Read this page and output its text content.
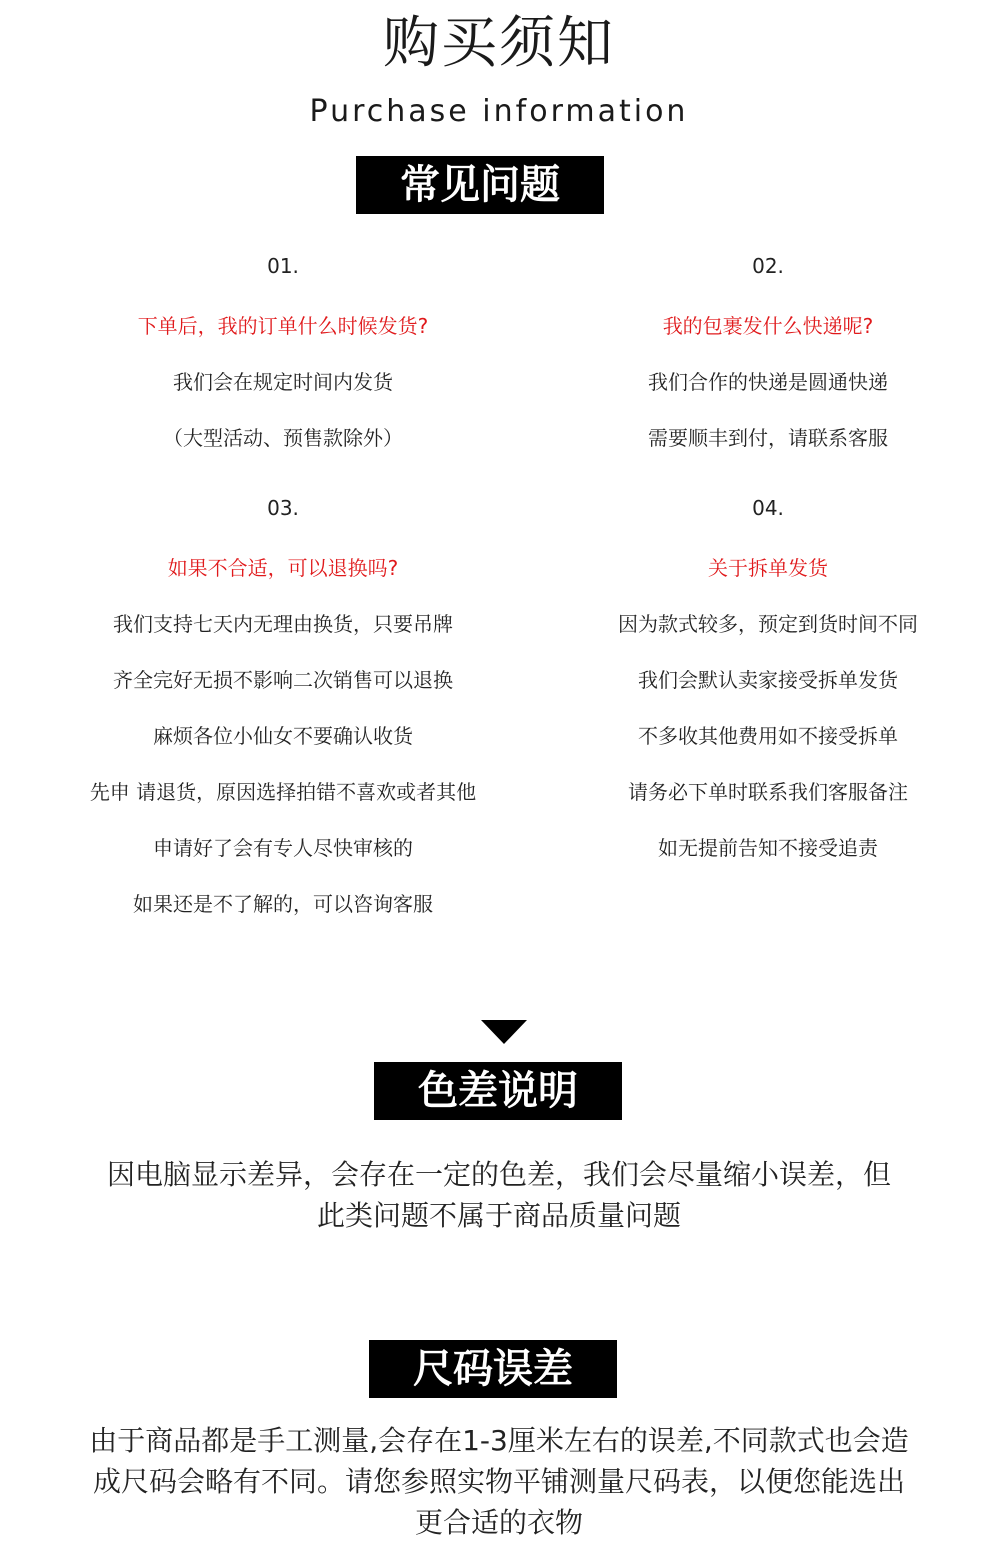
购买须知
Purchase information
常见问题
01.
下单后，我的订单什么时候发货?
我们会在规定时间内发货
（大型活动、预售款除外）
02.
我的包裹发什么快递呢?
我们合作的快递是圆通快递
需要顺丰到付，请联系客服
03.
如果不合适，可以退换吗?
我们支持七天内无理由换货，只要吊牌
齐全完好无损不影响二次销售可以退换
麻烦各位小仙女不要确认收货
先申 请退货，原因选择拍错不喜欢或者其他
申请好了会有专人尽快审核的
如果还是不了解的，可以咨询客服
04.
关于拆单发货
因为款式较多，预定到货时间不同
我们会默认卖家接受拆单发货
不多收其他费用如不接受拆单
请务必下单时联系我们客服备注
如无提前告知不接受追责
色差说明
因电脑显示差异，会存在一定的色差，我们会尽量缩小误差，但
此类问题不属于商品质量问题
尺码误差
由于商品都是手工测量,会存在1-3厘米左右的误差,不同款式也会造
成尺码会略有不同。请您参照实物平铺测量尺码表，以便您能选出
更合适的衣物
